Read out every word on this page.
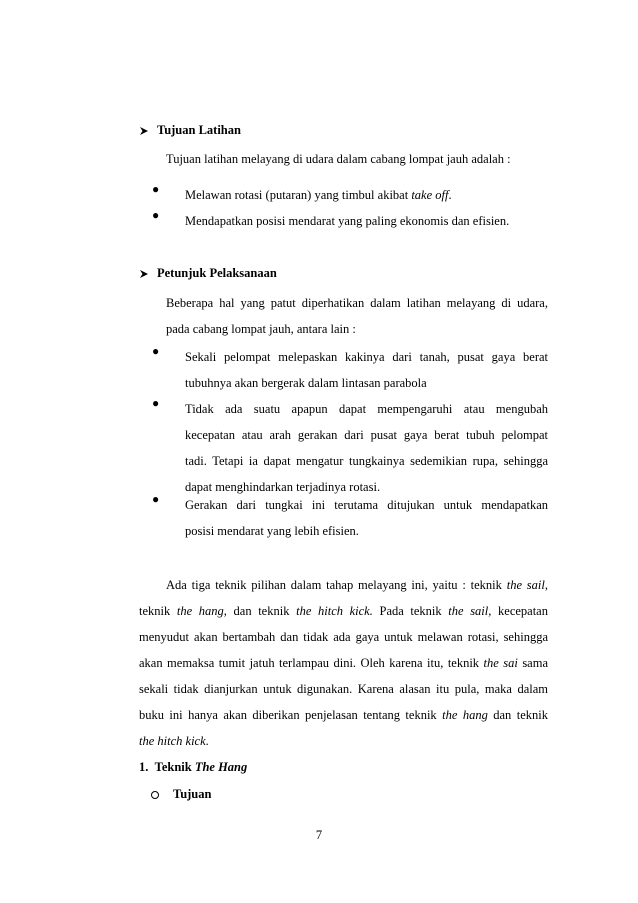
Tujuan Latihan

Tujuan latihan melayang di udara dalam cabang lompat jauh adalah :

● Melawan rotasi (putaran) yang timbul akibat take off.
● Mendapatkan posisi mendarat yang paling ekonomis dan efisien.
Petunjuk Pelaksanaan
Beberapa hal yang patut diperhatikan dalam latihan melayang di udara,
pada cabang lompat jauh, antara lain :
● Sekali pelompat melepaskan kakinya dari tanah, pusat gaya berat
tubuhnya akan bergerak dalam lintasan parabola
● Tidak ada suatu apapun dapat mempengaruhi atau mengubah
kecepatan atau arah gerakan dari pusat gaya berat tubuh pelompat
tadi. Tetapi ia dapat mengatur tungkainya sedemikian rupa, sehingga
dapat menghindarkan terjadinya rotasi.
● Gerakan dari tungkai ini terutama ditujukan untuk mendapatkan
posisi mendarat yang lebih efisien.
Ada tiga teknik pilihan dalam tahap melayang ini, yaitu : teknik the sail,
teknik the hang, dan teknik the hitch kick. Pada teknik the sail, kecepatan
menyudut akan bertambah dan tidak ada gaya untuk melawan rotasi, sehingga
akan memaksa tumit jatuh terlampau dini. Oleh karena itu, teknik the sai sama
sekali tidak dianjurkan untuk digunakan. Karena alasan itu pula, maka dalam
buku ini hanya akan diberikan penjelasan tentang teknik the hang dan teknik
the hitch kick.
1. Teknik The Hang
Tujuan
7
